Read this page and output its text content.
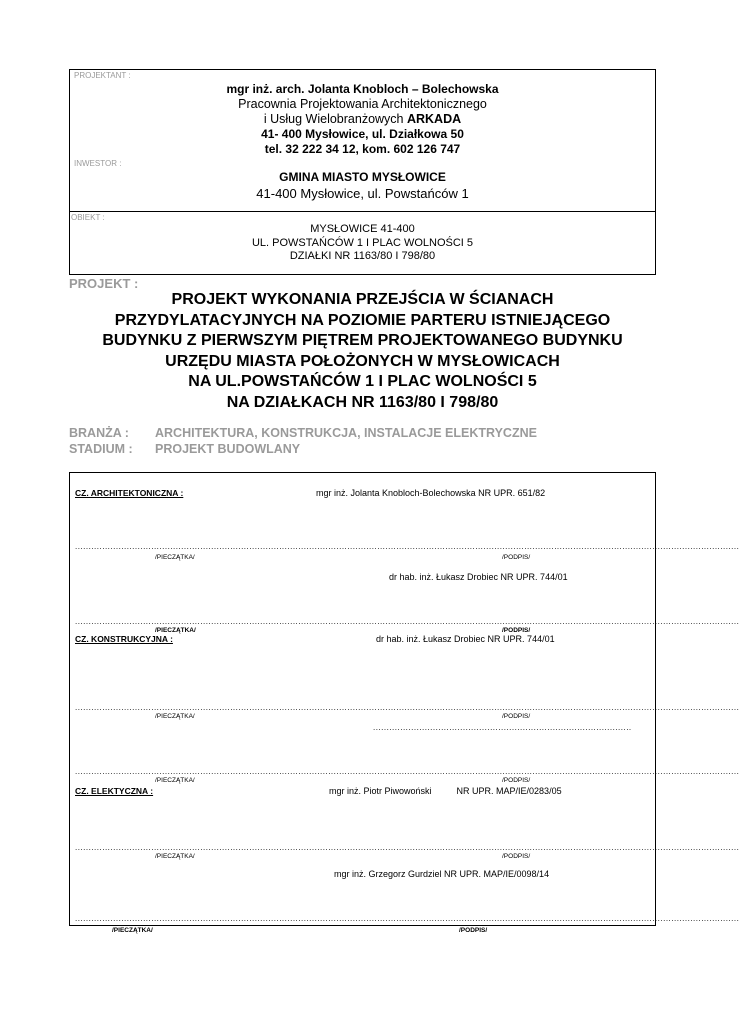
PROJEKTANT :
mgr inż. arch. Jolanta Knobloch – Bolechowska
Pracownia Projektowania Architektonicznego
i Usług Wielobranżowych ARKADA
41- 400 Mysłowice, ul. Działkowa 50
tel. 32 222 34 12, kom. 602 126 747
INWESTOR :
GMINA MIASTO MYSŁOWICE
41-400 Mysłowice, ul. Powstańców 1
OBIEKT :
MYSŁOWICE 41-400
UL. POWSTAŃCÓW 1 I PLAC WOLNOŚCI 5
DZIAŁKI NR 1163/80 I 798/80
PROJEKT :
PROJEKT WYKONANIA PRZEJŚCIA W ŚCIANACH
PRZYDYLATACYJNYCH NA POZIOMIE PARTERU ISTNIEJĄCEGO
BUDYNKU Z PIERWSZYM PIĘTREM PROJEKTOWANEGO BUDYNKU
URZĘDU MIASTA POŁOŻONYCH W MYSŁOWICACH
NA UL.POWSTAŃCÓW 1 I PLAC WOLNOŚCI 5
NA DZIAŁKACH NR 1163/80 I 798/80
BRANŻA : ARCHITEKTURA, KONSTRUKCJA, INSTALACJE ELEKTRYCZNE
STADIUM : PROJEKT BUDOWLANY
CZ. ARCHITEKTONICZNA :	mgr inż. Jolanta Knobloch-Bolechowska NR UPR. 651/82
....................................................................................................................................................................................................................................................
/PIECZĄTKA/	/PODPIS/
dr hab. inż. Łukasz Drobiec NR UPR. 744/01
....................................................................................................................................................................................................................................................
/PIECZĄTKA/	/PODPIS/
CZ. KONSTRUKCYJNA :	dr hab. inż. Łukasz Drobiec NR UPR. 744/01
....................................................................................................................................................................................................................................................
/PIECZĄTKA/	/PODPIS/
...............................................................................................
....................................................................................................................................................................................................................................................
/PIECZĄTKA/	/PODPIS/
CZ. ELEKTYCZNA :	mgr inż. Piotr Piwowoński          NR UPR. MAP/IE/0283/05
....................................................................................................................................................................................................................................................
/PIECZĄTKA/	/PODPIS/
mgr inż. Grzegorz Gurdziel NR UPR. MAP/IE/0098/14
....................................................................................................................................................................................................................................................
/PIECZĄTKA/	/PODPIS/
